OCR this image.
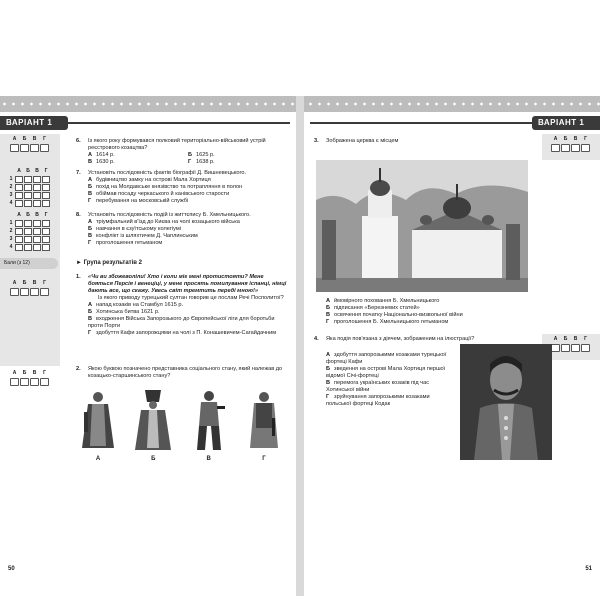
ВАРІАНТ 1
А	Б	В	Г
А	Б	В	Г
1
2
3
4
А	Б	В	Г
1
2
3
4
Бали (з 12)
А	Б	В	Г
А	Б	В	Г
6. Із якого року формувався полковий територіально-військовий устрій реєстрового козацтва?
А 1614 р.	Б 1625 р.
В 1630 р.	Г 1638 р.
7. Установіть послідовність фактів біографії Д. Вишневецького.
А будівництво замку на острові Мала Хортиця
Б похід на Молдавське князівство та потрапляння в полон
В обіймав посаду черкаського й канівського старости
Г перебування на московській службі
8. Установіть послідовність подій із життєпису Б. Хмельницького.
А тріумфальний в'їзд до Києва на чолі козацького війська
Б навчання в єзуїтському колегіумі
В конфлікт із шляхтичем Д. Чаплинським
Г проголошення гетьманом
► Група результатів 2
1. «Чи ви збожеволіли! Хто і коли міг мені протистояти? Мене бояться Персія і венеціці, у мене просять помилування іспанці, німці дають все, що скажу. Увесь світ тремтить переді мною!»
Із якого приводу турецький султан говорив це послам Речі Посполитої?
А напад козаків на Стамбул 1615 р.
Б Хотинська битва 1621 р.
В входження Війська Запорозького до Європейської ліги для боротьби проти Порти
Г здобуття Кафи запорожцями на чолі з П. Конашевичем-Сагайдачним
2. Якою буквою позначено представника соціального стану, який належав до козацько-старшинського стану?
А	Б	В	Г
50
ВАРІАНТ 1
А	Б	В	Г
А	Б	В	Г
3. Зображена церква є місцем
А ймовірного поховання Б. Хмельницького
Б підписання «Березневих статей»
В освячення початку Національно-визвольної війни
Г проголошення Б. Хмельницького гетьманом
4. Яка подія пов'язана з діячем, зображеним на ілюстрації?
А здобуття запорозькими козаками турецької фортеці Кафи
Б зведення на острові Мала Хортиця першої відомої Січі-фортеці
В перемога українських козаків під час Хотинської війни
Г зруйнування запорозькими козаками польської фортеці Кодак
51
